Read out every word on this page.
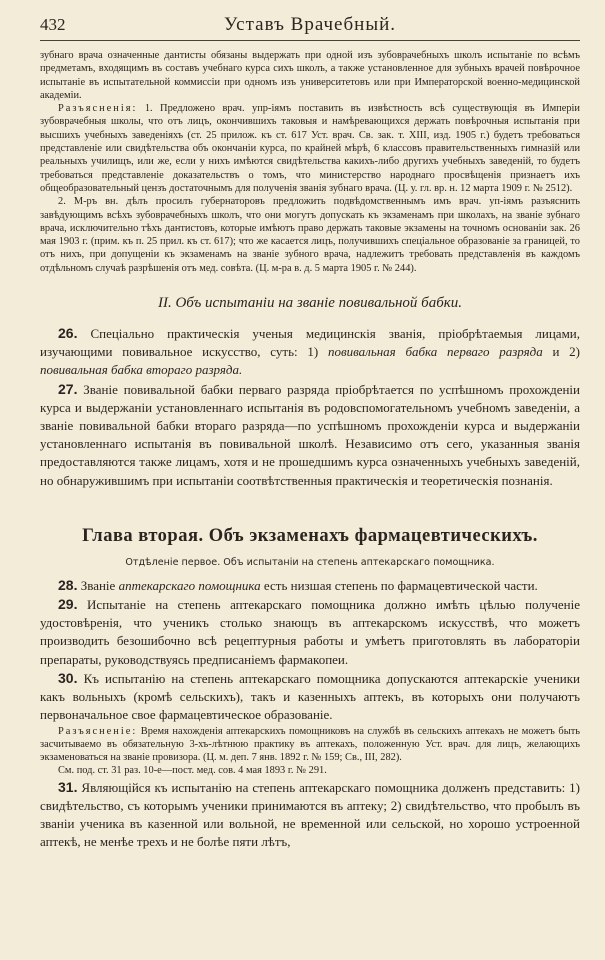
432	Уставъ Врачебный.

зубнаго врача означенные дантисты обязаны выдержать при одной изъ зубоврачебныхъ школъ испытаніе по всѣмъ предметамъ, входящимъ въ составъ учебнаго курса сихъ школъ, а также установленное для зубныхъ врачей повѣрочное испытаніе въ испытательной коммиссіи при одномъ изъ университетовъ или при Императорской военно-медицинской академіи.

Разъясненія: 1. Предложено врач. упр-іямъ поставить въ извѣстность всѣ существующія въ Имперіи зубоврачебныя школы, что отъ лицъ, окончившихъ таковыя и намѣревающихся держать повѣрочныя испытанія при высшихъ учебныхъ заведеніяхъ (ст. 25 прилож. къ ст. 617 Уст. врач. Св. зак. т. XIII, изд. 1905 г.) будетъ требоваться представленіе или свидѣтельства объ окончаніи курса, по крайней мѣрѣ, 6 классовъ правительственныхъ гимназій или реальныхъ училищъ, или же, если у нихъ имѣются свидѣтельства какихъ-либо другихъ учебныхъ заведеній, то будетъ требоваться представленіе доказательствъ о томъ, что министерство народнаго просвѣщенія признаетъ ихъ общеобразовательный цензъ достаточнымъ для полученія званія зубнаго врача. (Ц. у. гл. вр. н. 12 марта 1909 г. № 2512).

2. М-ръ вн. дѣлъ просилъ губернаторовъ предложить подвѣдомственнымъ имъ врач. уп-іямъ разъяснить завѣдующимъ всѣхъ зубоврачебныхъ школъ, что они могутъ допускать къ экзаменамъ при школахъ, на званіе зубнаго врача, исключительно тѣхъ дантистовъ, которые имѣютъ право держать таковые экзамены на точномъ основаніи зак. 26 мая 1903 г. (прим. къ п. 25 прил. къ ст. 617); что же касается лицъ, получившихъ спеціальное образованіе за границей, то отъ нихъ, при допущеніи къ экзаменамъ на званіе зубного врача, надлежитъ требовать представленія въ каждомъ отдѣльномъ случаѣ разрѣшенія отъ мед. совѣта. (Ц. м-ра в. д. 5 марта 1905 г. № 244).

II. Объ испытаніи на званіе повивальной бабки.

26. Спеціально практическія ученыя медицинскія званія, пріобрѣтаемыя лицами, изучающими повивальное искусство, суть: 1) повивальная бабка перваго разряда и 2) повивальная бабка втораго разряда.

27. Званіе повивальной бабки перваго разряда пріобрѣтается по успѣшномъ прохожденіи курса и выдержаніи установленнаго испытанія въ родовспомогательномъ учебномъ заведеніи, а званіе повивальной бабки втораго разряда—по успѣшномъ прохожденіи курса и выдержаніи установленнаго испытанія въ повивальной школѣ. Независимо отъ сего, указанныя званія предоставляются также лицамъ, хотя и не прошедшимъ курса означенныхъ учебныхъ заведеній, но обнаружившимъ при испытаніи соотвѣтственныя практическія и теоретическія познанія.

Глава вторая. Объ экзаменахъ фармацевтическихъ.
Отдѣленіе первое. Объ испытаніи на степень аптекарскаго помощника.

28. Званіе аптекарскаго помощника есть низшая степень по фармацевтической части.

29. Испытаніе на степень аптекарскаго помощника должно имѣть цѣлью полученіе удостовѣренія, что ученикъ столько знающъ въ аптекарскомъ искусствѣ, что можетъ производить безошибочно всѣ рецептурныя работы и умѣетъ приготовлять въ лабораторіи препараты, руководствуясь предписаніемъ фармакопеи.

30. Къ испытанію на степень аптекарскаго помощника допускаются аптекарскіе ученики какъ вольныхъ (кромѣ сельскихъ), такъ и казенныхъ аптекъ, въ которыхъ они получаютъ первоначальное свое фармацевтическое образованіе.

Разъясненіе: Время нахожденія аптекарскихъ помощниковъ на службѣ въ сельскихъ аптекахъ не можетъ быть засчитываемо въ обязательную 3-хъ-лѣтнюю практику въ аптекахъ, положенную Уст. врач. для лицъ, желающихъ экзаменоваться на званіе провизора. (Ц. м. деп. 7 янв. 1892 г. № 159; Св., III, 282).

См. под. ст. 31 раз. 10-е—пост. мед. сов. 4 мая 1893 г. № 291.

31. Являющійся къ испытанію на степень аптекарскаго помощника долженъ представить: 1) свидѣтельство, съ которымъ ученики принимаются въ аптеку; 2) свидѣтельство, что пробылъ въ званіи ученика въ казенной или вольной, не временной или сельской, но хорошо устроенной аптекѣ, не менѣе трехъ и не болѣе пяти лѣтъ,
